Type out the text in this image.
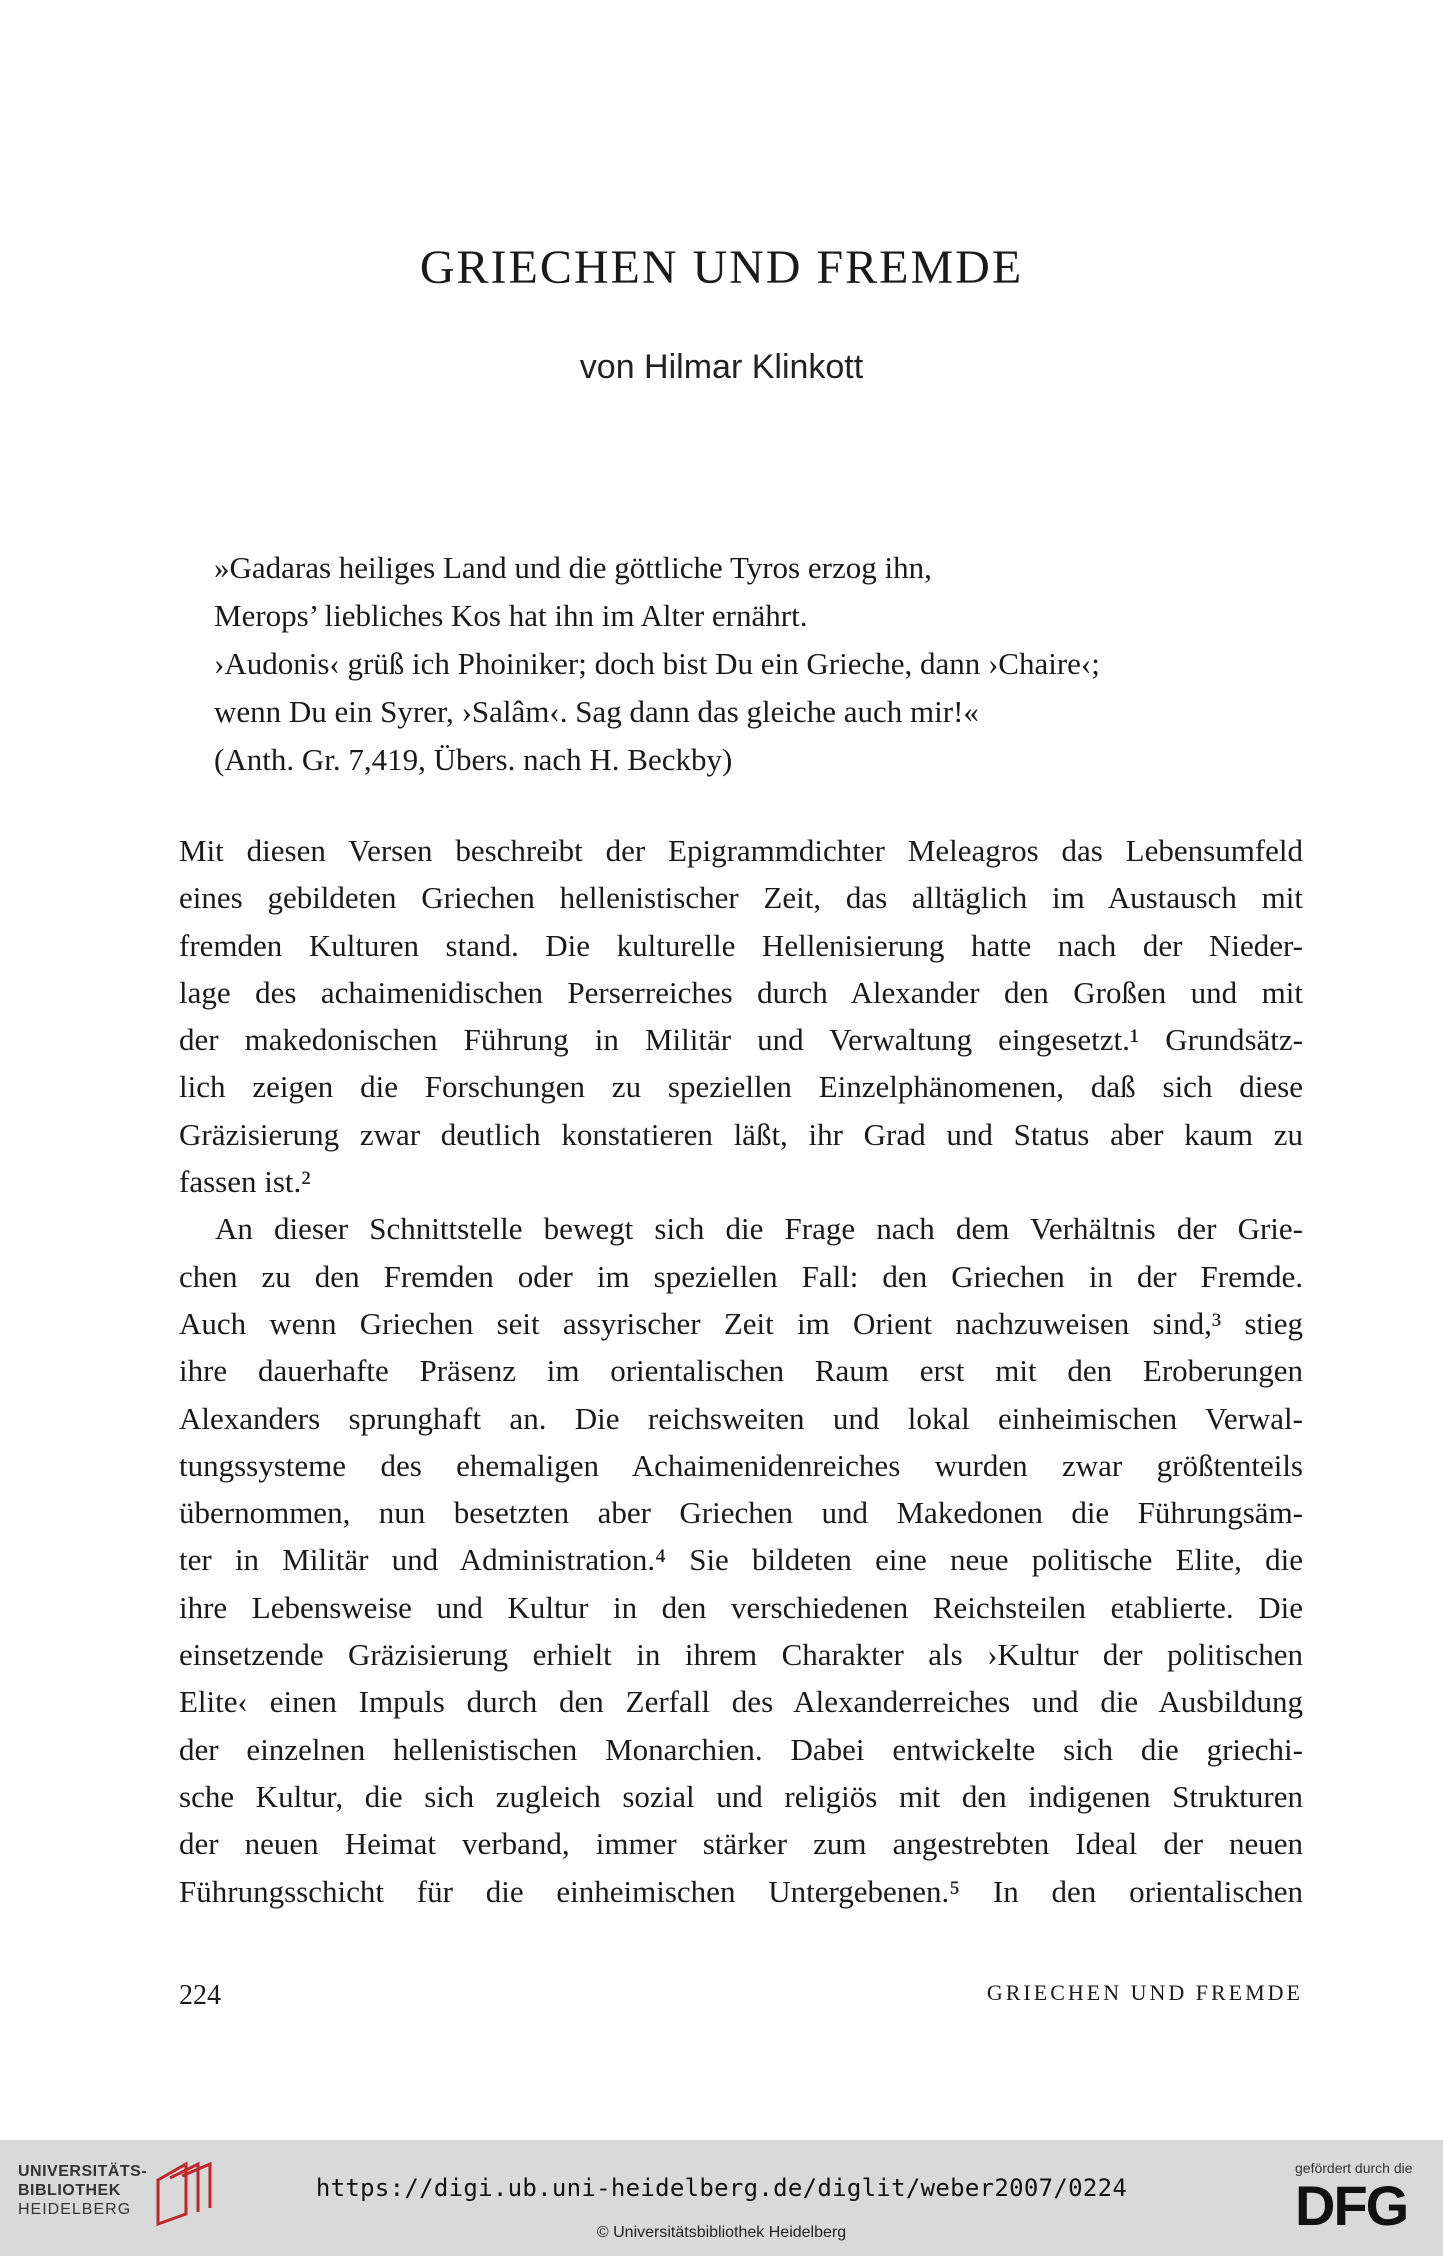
GRIECHEN UND FREMDE
von Hilmar Klinkott
»Gadaras heiliges Land und die göttliche Tyros erzog ihn,
Merops’ liebliches Kos hat ihn im Alter ernährt.
›Audonis‹ grüß ich Phoiniker; doch bist Du ein Grieche, dann ›Chaire‹;
wenn Du ein Syrer, ›Salâm‹. Sag dann das gleiche auch mir!«
(Anth. Gr. 7,419, Übers. nach H. Beckby)
Mit diesen Versen beschreibt der Epigrammdichter Meleagros das Lebensumfeld
eines gebildeten Griechen hellenistischer Zeit, das alltäglich im Austausch mit
fremden Kulturen stand. Die kulturelle Hellenisierung hatte nach der Nieder-
lage des achaimenidischen Perserreiches durch Alexander den Großen und mit
der makedonischen Führung in Militär und Verwaltung eingesetzt.¹ Grundsätz-
lich zeigen die Forschungen zu speziellen Einzelphänomenen, daß sich diese
Gräzisierung zwar deutlich konstatieren läßt, ihr Grad und Status aber kaum zu
fassen ist.²
An dieser Schnittstelle bewegt sich die Frage nach dem Verhältnis der Grie-
chen zu den Fremden oder im speziellen Fall: den Griechen in der Fremde.
Auch wenn Griechen seit assyrischer Zeit im Orient nachzuweisen sind,³ stieg
ihre dauerhafte Präsenz im orientalischen Raum erst mit den Eroberungen
Alexanders sprunghaft an. Die reichsweiten und lokal einheimischen Verwal-
tungssysteme des ehemaligen Achaimenidenreiches wurden zwar größtenteils
übernommen, nun besetzten aber Griechen und Makedonen die Führungsäm-
ter in Militär und Administration.⁴ Sie bildeten eine neue politische Elite, die
ihre Lebensweise und Kultur in den verschiedenen Reichsteilen etablierte. Die
einsetzende Gräzisierung erhielt in ihrem Charakter als ›Kultur der politischen
Elite‹ einen Impuls durch den Zerfall des Alexanderreiches und die Ausbildung
der einzelnen hellenistischen Monarchien. Dabei entwickelte sich die griechi-
sche Kultur, die sich zugleich sozial und religiös mit den indigenen Strukturen
der neuen Heimat verband, immer stärker zum angestrebten Ideal der neuen
Führungsschicht für die einheimischen Untergebenen.⁵ In den orientalischen
224	GRIECHEN UND FREMDE
UNIVERSITÄTS-
BIBLIOTHEK
HEIDELBERG
https://digi.ub.uni-heidelberg.de/diglit/weber2007/0224
© Universitätsbibliothek Heidelberg
gefördert durch die
DFG
